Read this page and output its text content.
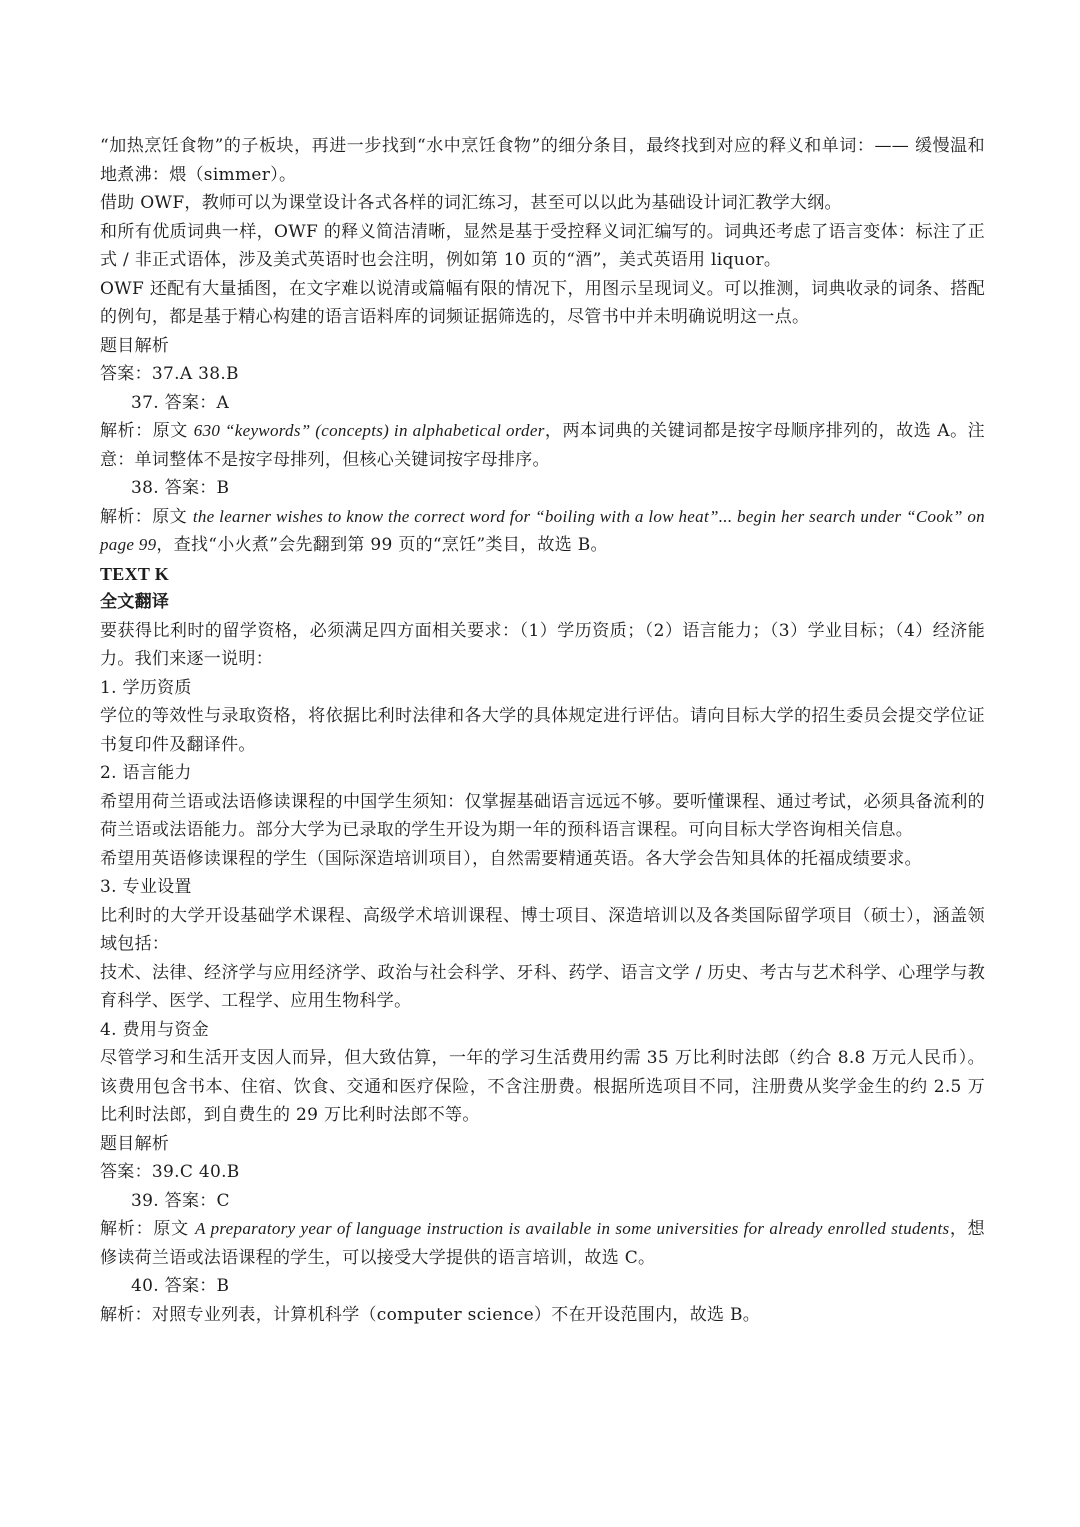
“加热烹饪食物”的子板块，再进一步找到“水中烹饪食物”的细分条目，最终找到对应的释义和单词：—— 缓慢温和地煮沸：煨（simmer）。

借助 OWF，教师可以为课堂设计各式各样的词汇练习，甚至可以以此为基础设计词汇教学大纲。

和所有优质词典一样，OWF 的释义简洁清晰，显然是基于受控释义词汇编写的。词典还考虑了语言变体：标注了正式 / 非正式语体，涉及美式英语时也会注明，例如第 10 页的“酒”，美式英语用 liquor。

OWF 还配有大量插图，在文字难以说清或篇幅有限的情况下，用图示呈现词义。可以推测，词典收录的词条、搭配的例句，都是基于精心构建的语言语料库的词频证据筛选的，尽管书中并未明确说明这一点。

题目解析

答案：37.A 38.B

37. 答案：A

解析：原文 630 “keywords” (concepts) in alphabetical order，两本词典的关键词都是按字母顺序排列的，故选 A。注意：单词整体不是按字母排列，但核心关键词按字母排序。

38. 答案：B

解析：原文 the learner wishes to know the correct word for “boiling with a low heat”... begin her search under “Cook” on page 99，查找“小火煮”会先翻到第 99 页的“烹饪”类目，故选 B。

TEXT K

全文翻译

要获得比利时的留学资格，必须满足四方面相关要求：（1）学历资质；（2）语言能力；（3）学业目标；（4）经济能力。我们来逐一说明：

1. 学历资质

学位的等效性与录取资格，将依据比利时法律和各大学的具体规定进行评估。请向目标大学的招生委员会提交学位证书复印件及翻译件。

2. 语言能力

希望用荷兰语或法语修读课程的中国学生须知：仅掌握基础语言远远不够。要听懂课程、通过考试，必须具备流利的荷兰语或法语能力。部分大学为已录取的学生开设为期一年的预科语言课程。可向目标大学咨询相关信息。

希望用英语修读课程的学生（国际深造培训项目），自然需要精通英语。各大学会告知具体的托福成绩要求。

3. 专业设置

比利时的大学开设基础学术课程、高级学术培训课程、博士项目、深造培训以及各类国际留学项目（硕士），涵盖领域包括：

技术、法律、经济学与应用经济学、政治与社会科学、牙科、药学、语言文学 / 历史、考古与艺术科学、心理学与教育科学、医学、工程学、应用生物科学。

4. 费用与资金

尽管学习和生活开支因人而异，但大致估算，一年的学习生活费用约需 35 万比利时法郎（约合 8.8 万元人民币）。该费用包含书本、住宿、饮食、交通和医疗保险，不含注册费。根据所选项目不同，注册费从奖学金生的约 2.5 万比利时法郎，到自费生的 29 万比利时法郎不等。

题目解析

答案：39.C 40.B

39. 答案：C

解析：原文 A preparatory year of language instruction is available in some universities for already enrolled students，想修读荷兰语或法语课程的学生，可以接受大学提供的语言培训，故选 C。

40. 答案：B

解析：对照专业列表，计算机科学（computer science）不在开设范围内，故选 B。
